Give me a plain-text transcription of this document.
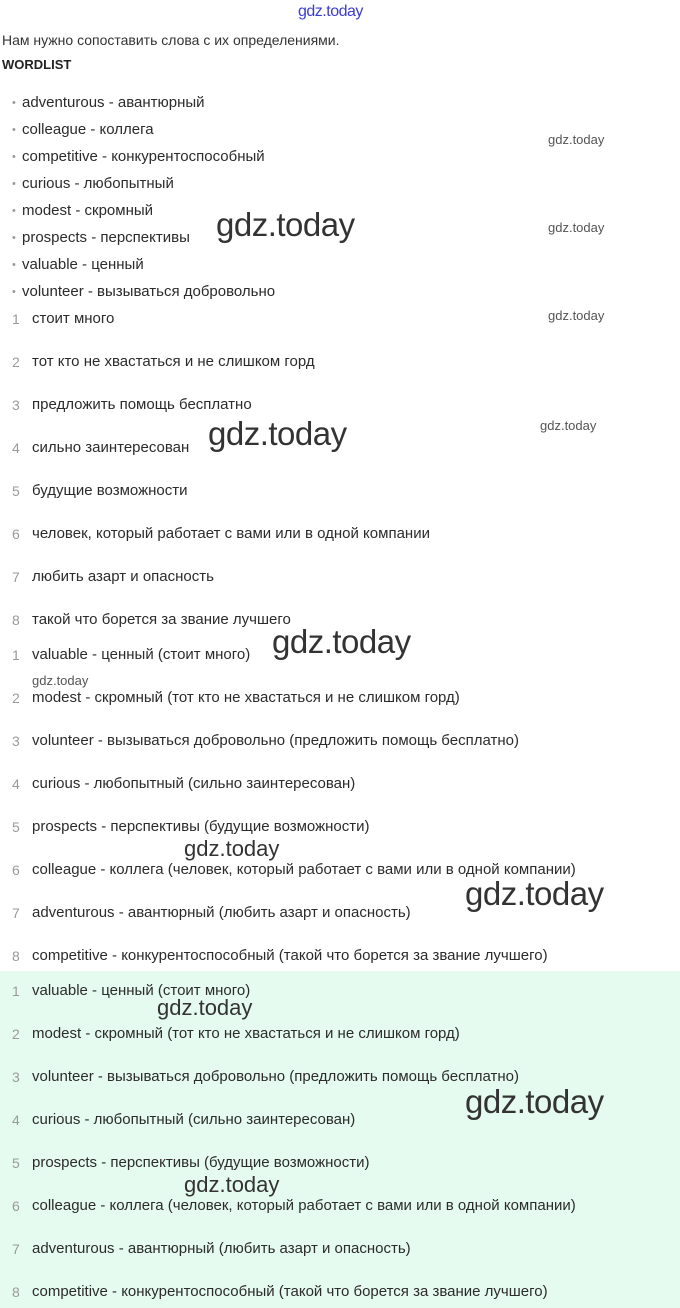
gdz.today
Нам нужно сопоставить слова с их определениями.
WORDLIST
• adventurous - авантюрный
• colleague - коллега
• competitive - конкурентоспособный
• curious - любопытный
• modest - скромный
• prospects - перспективы
• valuable - ценный
• volunteer - вызываться добровольно
1 стоит много
2 тот кто не хвастаться и не слишком горд
3 предложить помощь бесплатно
4 сильно заинтересован
5 будущие возможности
6 человек, который работает с вами или в одной компании
7 любить азарт и опасность
8 такой что борется за звание лучшего
1 valuable - ценный (стоит много)
2 modest - скромный (тот кто не хвастаться и не слишком горд)
3 volunteer - вызываться добровольно (предложить помощь бесплатно)
4 curious - любопытный (сильно заинтересован)
5 prospects - перспективы (будущие возможности)
6 colleague - коллега (человек, который работает с вами или в одной компании)
7 adventurous - авантюрный (любить азарт и опасность)
8 competitive - конкурентоспособный (такой что борется за звание лучшего)
1 valuable - ценный (стоит много)
2 modest - скромный (тот кто не хвастаться и не слишком горд)
3 volunteer - вызываться добровольно (предложить помощь бесплатно)
4 curious - любопытный (сильно заинтересован)
5 prospects - перспективы (будущие возможности)
6 colleague - коллега (человек, который работает с вами или в одной компании)
7 adventurous - авантюрный (любить азарт и опасность)
8 competitive - конкурентоспособный (такой что борется за звание лучшего)
gdz.today
gdz.today	gdz.today
gdz.today
gdz.today	gdz.today
gdz.today
gdz.today
gdz.today
gdz.today
gdz.today
gdz.today
gdz.today
